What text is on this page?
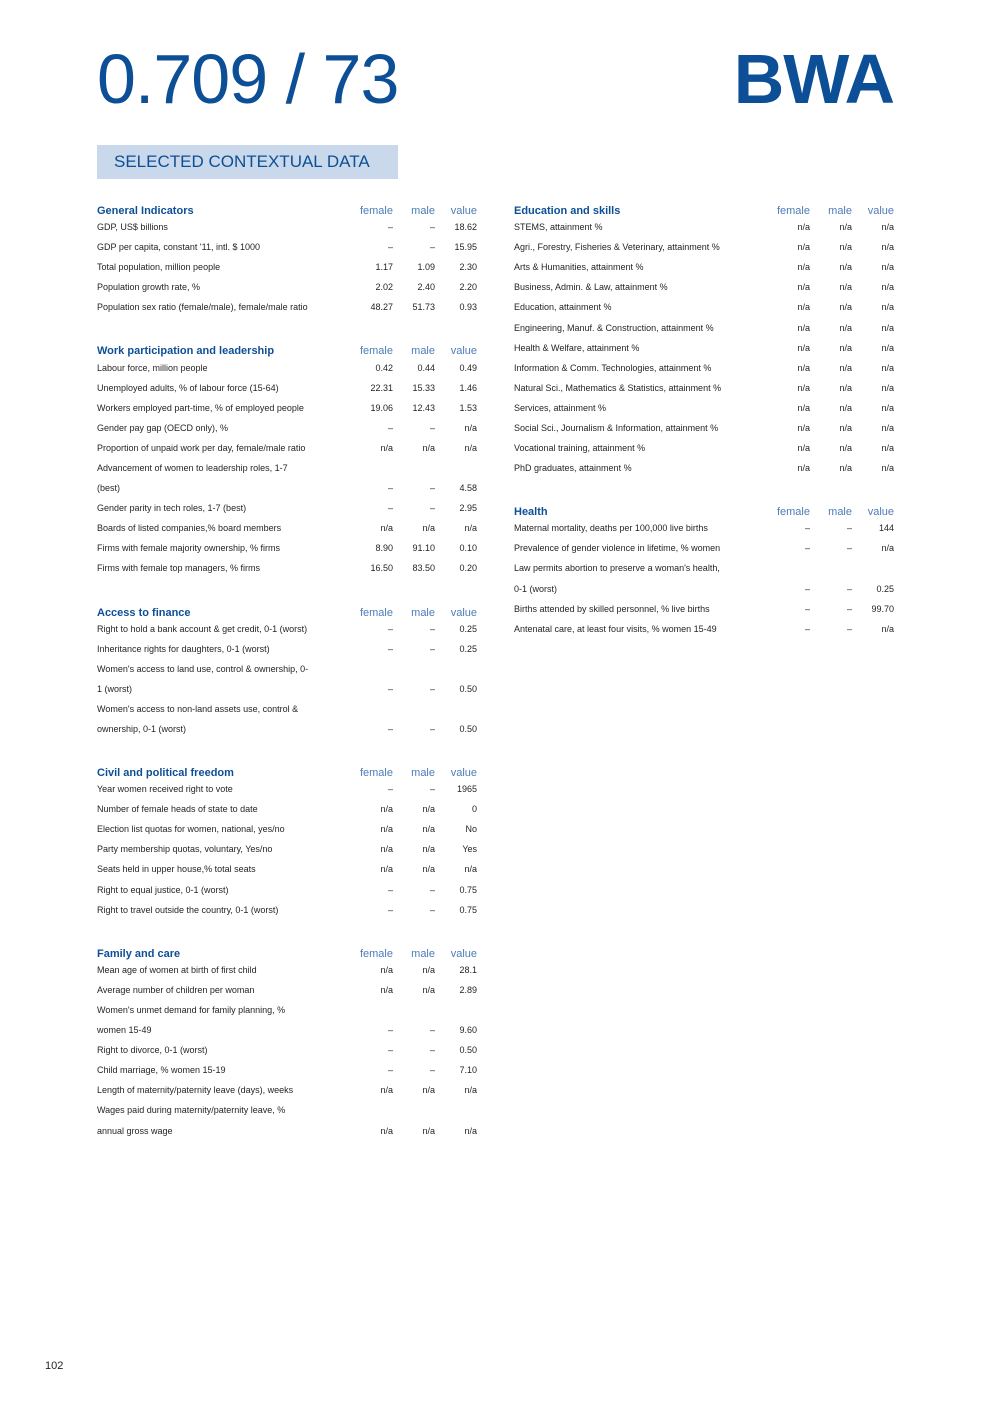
0.709 / 73	BWA
SELECTED CONTEXTUAL DATA
General Indicators	female	male	value
GDP, US$ billions	–	–	18.62
GDP per capita, constant '11, intl. $ 1000	–	–	15.95
Total population, million people	1.17	1.09	2.30
Population growth rate, %	2.02	2.40	2.20
Population sex ratio (female/male), female/male ratio	48.27	51.73	0.93
Work participation and leadership	female	male	value
Labour force, million people	0.42	0.44	0.49
Unemployed adults, % of labour force (15-64)	22.31	15.33	1.46
Workers employed part-time, % of employed people	19.06	12.43	1.53
Gender pay gap (OECD only), %	–	–	n/a
Proportion of unpaid work per day, female/male ratio	n/a	n/a	n/a
Advancement of women to leadership roles, 1-7
(best)	–	–	4.58
Gender parity in tech roles, 1-7 (best)	–	–	2.95
Boards of listed companies,% board members	n/a	n/a	n/a
Firms with female majority ownership, % firms	8.90	91.10	0.10
Firms with female top managers, % firms	16.50	83.50	0.20
Access to finance	female	male	value
Right to hold a bank account & get credit, 0-1 (worst)	–	–	0.25
Inheritance rights for daughters, 0-1 (worst)	–	–	0.25
Women's access to land use, control & ownership, 0-
1 (worst)	–	–	0.50
Women's access to non-land assets use, control &
ownership, 0-1 (worst)	–	–	0.50
Civil and political freedom	female	male	value
Year women received right to vote	–	–	1965
Number of female heads of state to date	n/a	n/a	0
Election list quotas for women, national, yes/no	n/a	n/a	No
Party membership quotas, voluntary, Yes/no	n/a	n/a	Yes
Seats held in upper house,% total seats	n/a	n/a	n/a
Right to equal justice, 0-1 (worst)	–	–	0.75
Right to travel outside the country, 0-1 (worst)	–	–	0.75
Family and care	female	male	value
Mean age of women at birth of first child	n/a	n/a	28.1
Average number of children per woman	n/a	n/a	2.89
Women's unmet demand for family planning, %
women 15-49	–	–	9.60
Right to divorce, 0-1 (worst)	–	–	0.50
Child marriage, % women 15-19	–	–	7.10
Length of maternity/paternity leave (days), weeks	n/a	n/a	n/a
Wages paid during maternity/paternity leave, %
annual gross wage	n/a	n/a	n/a
Education and skills	female	male	value
STEMS, attainment %	n/a	n/a	n/a
Agri., Forestry, Fisheries & Veterinary, attainment %	n/a	n/a	n/a
Arts & Humanities, attainment %	n/a	n/a	n/a
Business, Admin. & Law, attainment %	n/a	n/a	n/a
Education, attainment %	n/a	n/a	n/a
Engineering, Manuf. & Construction, attainment %	n/a	n/a	n/a
Health & Welfare, attainment %	n/a	n/a	n/a
Information & Comm. Technologies, attainment %	n/a	n/a	n/a
Natural Sci., Mathematics & Statistics, attainment %	n/a	n/a	n/a
Services, attainment %	n/a	n/a	n/a
Social Sci., Journalism & Information, attainment %	n/a	n/a	n/a
Vocational training, attainment %	n/a	n/a	n/a
PhD graduates, attainment %	n/a	n/a	n/a
Health	female	male	value
Maternal mortality, deaths per 100,000 live births	–	–	144
Prevalence of gender violence in lifetime, % women	–	–	n/a
Law permits abortion to preserve a woman's health,
0-1 (worst)	–	–	0.25
Births attended by skilled personnel, % live births	–	–	99.70
Antenatal care, at least four visits, % women 15-49	–	–	n/a
102
